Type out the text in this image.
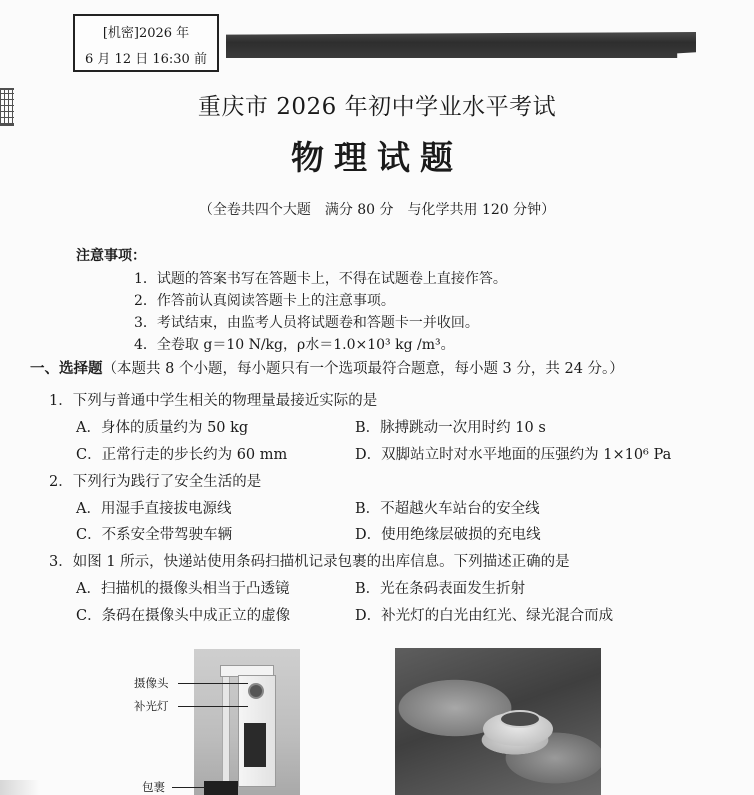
[机密]2026 年
6 月 12 日 16:30 前
重庆市 2026 年初中学业水平考试
物理试题
（全卷共四个大题　满分 80 分　与化学共用 120 分钟）
注意事项：
1．试题的答案书写在答题卡上，不得在试题卷上直接作答。
2．作答前认真阅读答题卡上的注意事项。
3．考试结束，由监考人员将试题卷和答题卡一并收回。
4．全卷取 g＝10 N/kg，ρ水＝1.0×10³ kg /m³。
一、选择题（本题共 8 个小题，每小题只有一个选项最符合题意，每小题 3 分，共 24 分。）
1．下列与普通中学生相关的物理量最接近实际的是
A．身体的质量约为 50 kg	B．脉搏跳动一次用时约 10 s
C．正常行走的步长约为 60 mm	D．双脚站立时对水平地面的压强约为 1×10⁶ Pa
2．下列行为践行了安全生活的是
A．用湿手直接拔电源线	B．不超越火车站台的安全线
C．不系安全带驾驶车辆	D．使用绝缘层破损的充电线
3．如图 1 所示，快递站使用条码扫描机记录包裹的出库信息。下列描述正确的是
A．扫描机的摄像头相当于凸透镜	B．光在条码表面发生折射
C．条码在摄像头中成正立的虚像	D．补光灯的白光由红光、绿光混合而成
摄像头
补光灯
包裹
